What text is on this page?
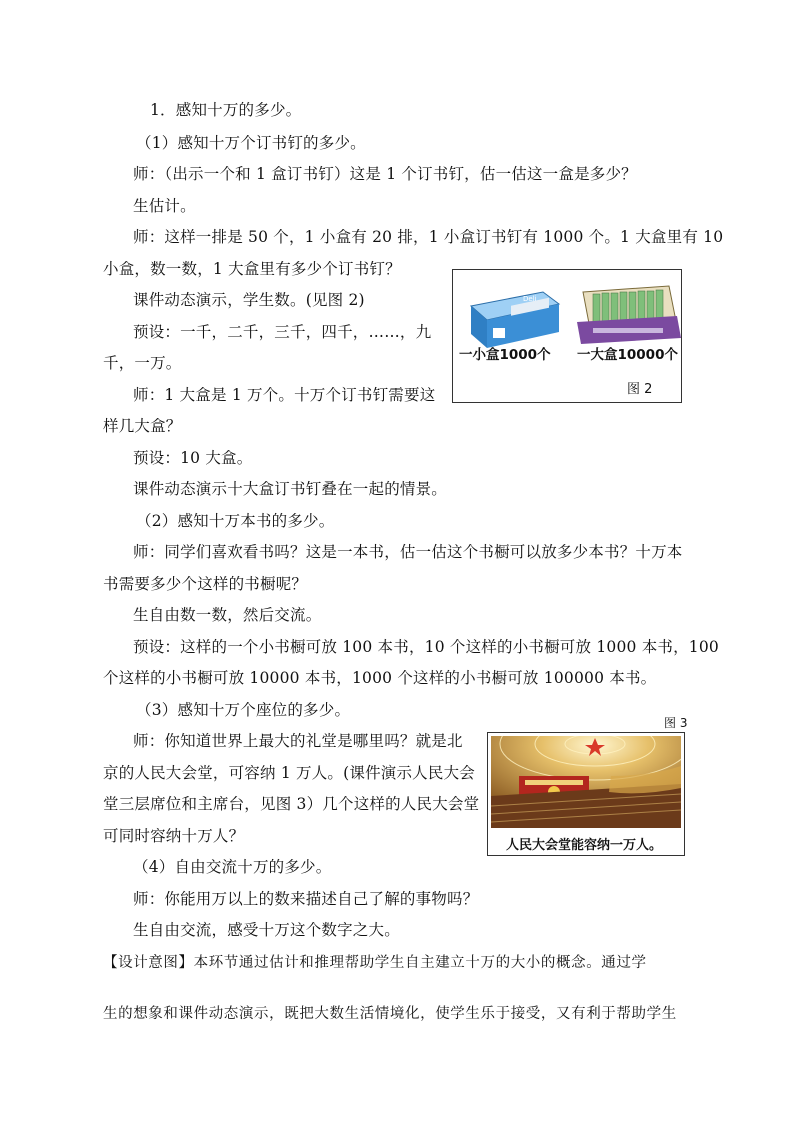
1．感知十万的多少。
（1）感知十万个订书钉的多少。
师：（出示一个和 1 盒订书钉）这是 1 个订书钉，估一估这一盒是多少？
生估计。
师：这样一排是 50 个，1 小盒有 20 排，1 小盒订书钉有 1000 个。1 大盒里有 10
小盒，数一数，1 大盒里有多少个订书钉？
课件动态演示，学生数。(见图 2)
预设：一千，二千，三千，四千，……，九
千，一万。
师：1 大盒是 1 万个。十万个订书钉需要这
样几大盒？
预设：10 大盒。
课件动态演示十大盒订书钉叠在一起的情景。
（2）感知十万本书的多少。
师：同学们喜欢看书吗？这是一本书，估一估这个书橱可以放多少本书？十万本
书需要多少个这样的书橱呢？
生自由数一数，然后交流。
预设：这样的一个小书橱可放 100 本书，10 个这样的小书橱可放 1000 本书，100
个这样的小书橱可放 10000 本书，1000 个这样的小书橱可放 100000 本书。
（3）感知十万个座位的多少。
师：你知道世界上最大的礼堂是哪里吗？就是北
京的人民大会堂，可容纳 1 万人。(课件演示人民大会
堂三层席位和主席台，见图 3）几个这样的人民大会堂
可同时容纳十万人？
（4）自由交流十万的多少。
师：你能用万以上的数来描述自己了解的事物吗？
生自由交流，感受十万这个数字之大。
【设计意图】本环节通过估计和推理帮助学生自主建立十万的大小的概念。通过学
生的想象和课件动态演示，既把大数生活情境化，使学生乐于接受，又有利于帮助学生
Deli
一小盒1000个 一大盒10000个
图 2
图 3
人民大会堂能容纳一万人。
